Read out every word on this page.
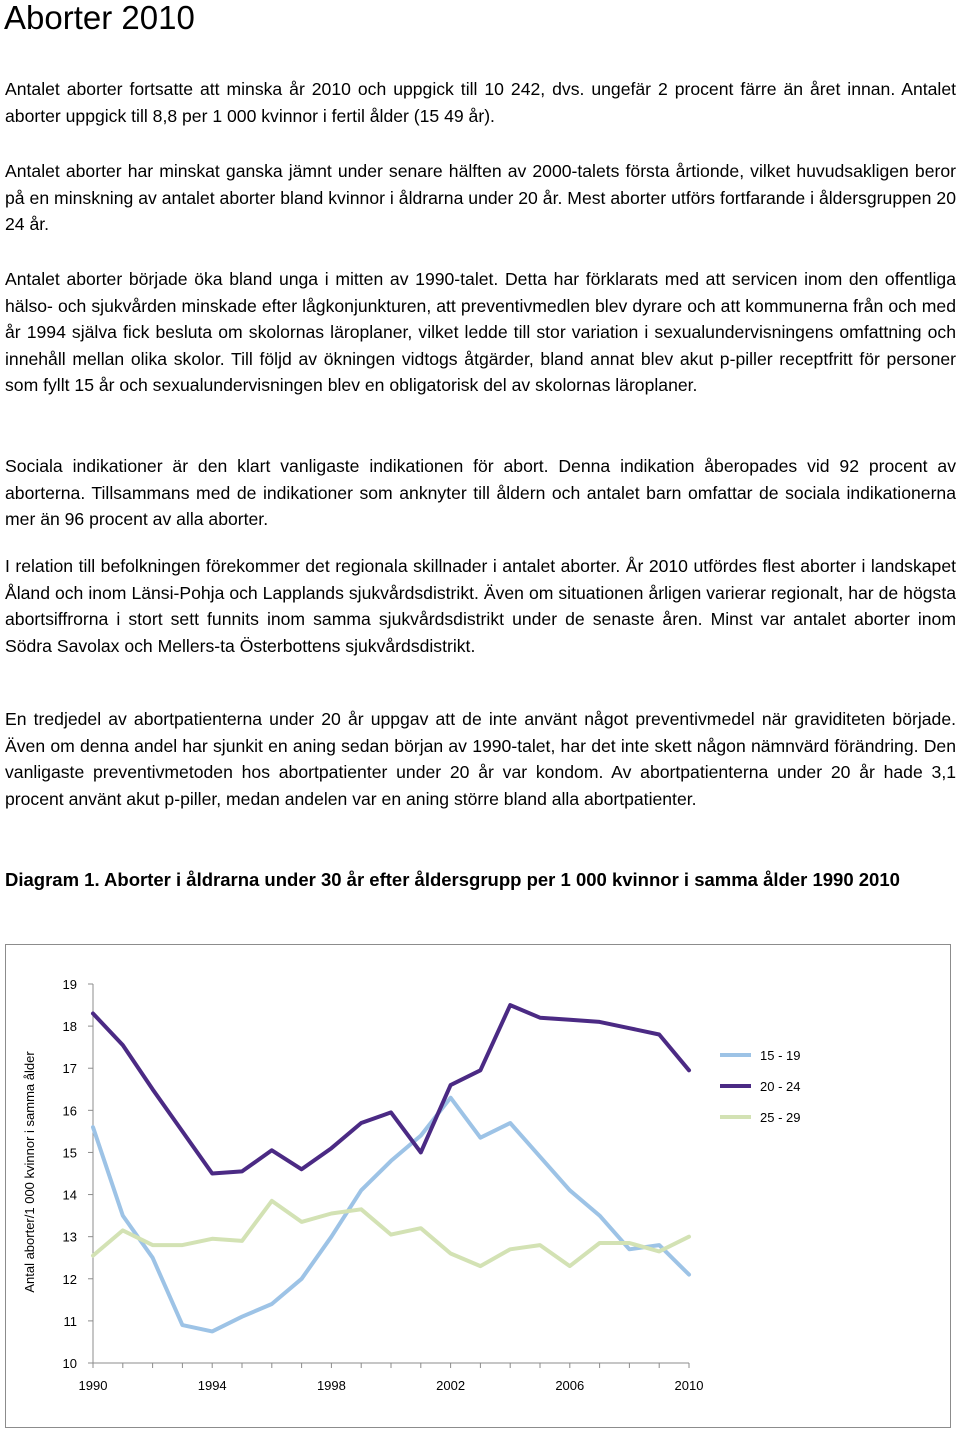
Aborter 2010

Antalet aborter fortsatte att minska år 2010 och uppgick till 10 242, dvs. ungefär 2 procent färre än året innan. Antalet aborter uppgick till 8,8 per 1 000 kvinnor i fertil ålder (15 49 år).

Antalet aborter har minskat ganska jämnt under senare hälften av 2000-talets första årtionde, vilket huvudsakligen beror på en minskning av antalet aborter bland kvinnor i åldrarna under 20 år. Mest aborter utförs fortfarande i åldersgruppen 20 24 år.

Antalet aborter började öka bland unga i mitten av 1990-talet. Detta har förklarats med att servicen inom den offentliga hälso- och sjukvården minskade efter lågkonjunkturen, att preventivmedlen blev dyrare och att kommunerna från och med år 1994 själva fick besluta om skolornas läroplaner, vilket ledde till stor variation i sexualundervisningens omfattning och innehåll mellan olika skolor. Till följd av ökningen vidtogs åtgärder, bland annat blev akut p-piller receptfritt för personer som fyllt 15 år och sexualundervisningen blev en obligatorisk del av skolornas läroplaner.

Sociala indikationer är den klart vanligaste indikationen för abort. Denna indikation åberopades vid 92 procent av aborterna. Tillsammans med de indikationer som anknyter till åldern och antalet barn omfattar de sociala indikationerna mer än 96 procent av alla aborter.

I relation till befolkningen förekommer det regionala skillnader i antalet aborter. År 2010 utfördes flest aborter i landskapet Åland och inom Länsi-Pohja och Lapplands sjukvårdsdistrikt. Även om situationen årligen varierar regionalt, har de högsta abortsiffrorna i stort sett funnits inom samma sjukvårdsdistrikt under de senaste åren. Minst var antalet aborter inom Södra Savolax och Mellers-ta Österbottens sjukvårdsdistrikt.

En tredjedel av abortpatienterna under 20 år uppgav att de inte använt något preventivmedel när graviditeten började. Även om denna andel har sjunkit en aning sedan början av 1990-talet, har det inte skett någon nämnvärd förändring. Den vanligaste preventivmetoden hos abortpatienter under 20 år var kondom. Av abortpatienterna under 20 år hade 3,1 procent använt akut p-piller, medan andelen var en aning större bland alla abortpatienter.

Diagram 1. Aborter i åldrarna under 30 år efter åldersgrupp per 1 000 kvinnor i samma ålder 1990 2010

10
11
12
13
14
15
16
17
18
19
1990	1994	1998	2002	2006	2010
15 - 19
20 - 24
25 - 29
Antal aborter/1 000 kvinnor i samma ålder
